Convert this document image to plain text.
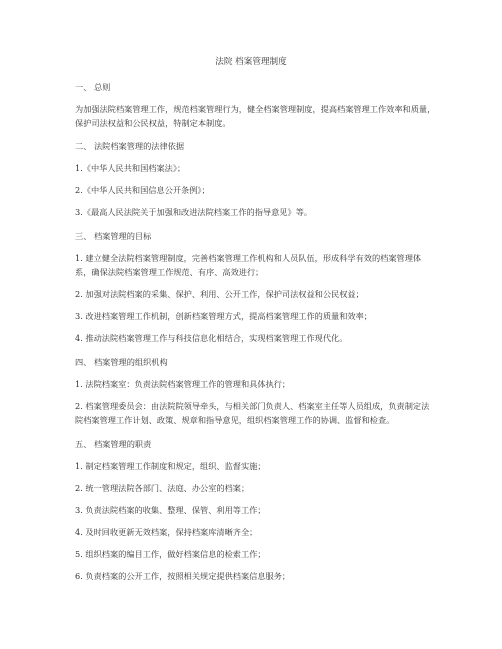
法院 档案管理制度
一、 总则
为加强法院档案管理工作，规范档案管理行为，健全档案管理制度，提高档案管理工作效率和质量，保护司法权益和公民权益，特制定本制度。
二、 法院档案管理的法律依据
1.《中华人民共和国档案法》；
2.《中华人民共和国信息公开条例》；
3.《最高人民法院关于加强和改进法院档案工作的指导意见》等。
三、 档案管理的目标
1. 建立健全法院档案管理制度，完善档案管理工作机构和人员队伍，形成科学有效的档案管理体系，确保法院档案管理工作规范、有序、高效进行；
2. 加强对法院档案的采集、保护、利用、公开工作，保护司法权益和公民权益；
3. 改进档案管理工作机制，创新档案管理方式，提高档案管理工作的质量和效率；
4. 推动法院档案管理工作与科技信息化相结合，实现档案管理工作现代化。
四、 档案管理的组织机构
1. 法院档案室：负责法院档案管理工作的管理和具体执行；
2. 档案管理委员会：由法院院领导牵头，与相关部门负责人、档案室主任等人员组成，负责制定法院档案管理工作计划、政策、规章和指导意见，组织档案管理工作的协调、监督和检查。
五、 档案管理的职责
1. 制定档案管理工作制度和规定，组织、监督实施；
2. 统一管理法院各部门、法庭、办公室的档案；
3. 负责法院档案的收集、整理、保管、利用等工作；
4. 及时回收更新无效档案，保持档案库清晰齐全；
5. 组织档案的编目工作，做好档案信息的检索工作；
6. 负责档案的公开工作，按照相关规定提供档案信息服务；
